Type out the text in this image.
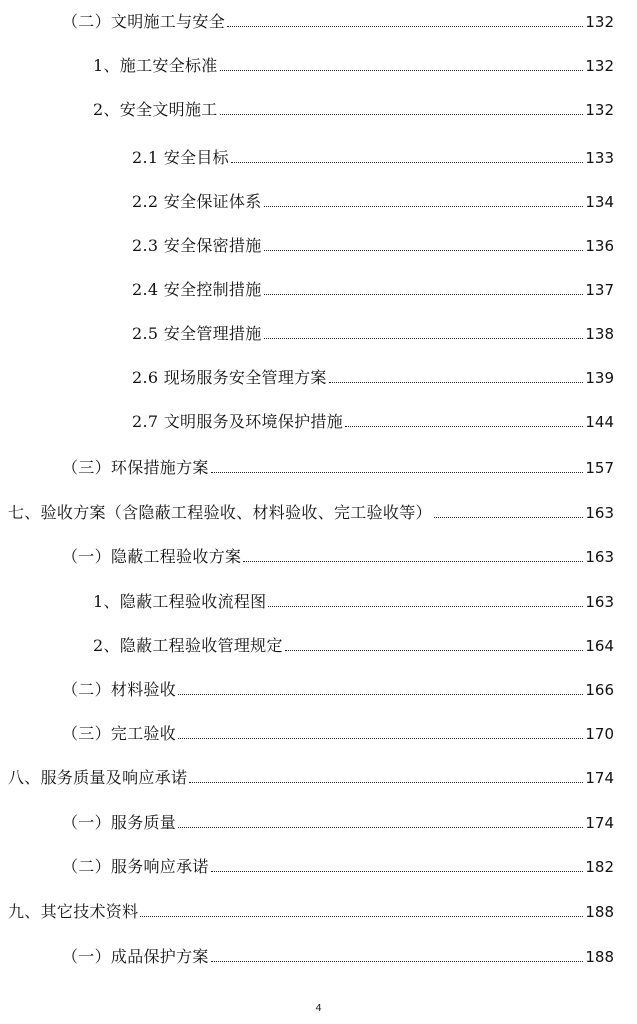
（二）文明施工与安全	132
1、施工安全标准	132
2、安全文明施工	132
2.1 安全目标	133
2.2 安全保证体系	134
2.3 安全保密措施	136
2.4 安全控制措施	137
2.5 安全管理措施	138
2.6 现场服务安全管理方案	139
2.7 文明服务及环境保护措施	144
（三）环保措施方案	157
七、验收方案（含隐蔽工程验收、材料验收、完工验收等）	163
（一）隐蔽工程验收方案	163
1、隐蔽工程验收流程图	163
2、隐蔽工程验收管理规定	164
（二）材料验收	166
（三）完工验收	170
八、服务质量及响应承诺	174
（一）服务质量	174
（二）服务响应承诺	182
九、其它技术资料	188
（一）成品保护方案	188
4
